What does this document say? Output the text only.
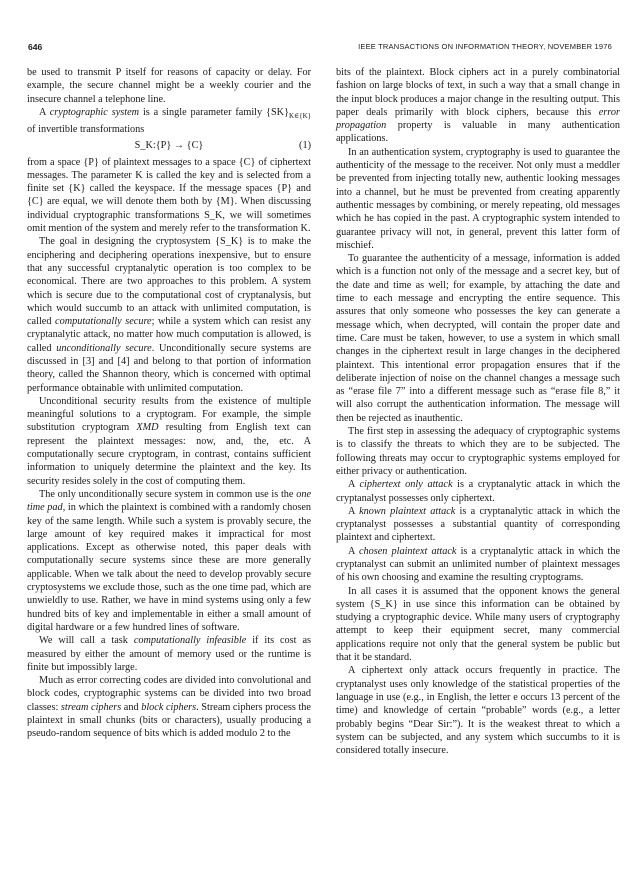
646	IEEE TRANSACTIONS ON INFORMATION THEORY, NOVEMBER 1976

be used to transmit P itself for reasons of capacity or delay. For example, the secure channel might be a weekly courier and the insecure channel a telephone line.

A cryptographic system is a single parameter family $\{SK\}_{K\in\{K\}}$ of invertible transformations

S_K:{P} → {C}	(1)

from a space {P} of plaintext messages to a space {C} of ciphertext messages. The parameter K is called the key and is selected from a finite set {K} called the keyspace. If the message spaces {P} and {C} are equal, we will denote them both by {M}. When discussing individual cryptographic transformations S_K, we will sometimes omit mention of the system and merely refer to the transformation K.

The goal in designing the cryptosystem {S_K} is to make the enciphering and deciphering operations inexpensive, but to ensure that any successful cryptanalytic operation is too complex to be economical. There are two approaches to this problem. A system which is secure due to the computational cost of cryptanalysis, but which would succumb to an attack with unlimited computation, is called computationally secure; while a system which can resist any cryptanalytic attack, no matter how much computation is allowed, is called unconditionally secure. Unconditionally secure systems are discussed in [3] and [4] and belong to that portion of information theory, called the Shannon theory, which is concerned with optimal performance obtainable with unlimited computation.

Unconditional security results from the existence of multiple meaningful solutions to a cryptogram. For example, the simple substitution cryptogram XMD resulting from English text can represent the plaintext messages: now, and, the, etc. A computationally secure cryptogram, in contrast, contains sufficient information to uniquely determine the plaintext and the key. Its security resides solely in the cost of computing them.

The only unconditionally secure system in common use is the one time pad, in which the plaintext is combined with a randomly chosen key of the same length. While such a system is provably secure, the large amount of key required makes it impractical for most applications. Except as otherwise noted, this paper deals with computationally secure systems since these are more generally applicable. When we talk about the need to develop provably secure cryptosystems we exclude those, such as the one time pad, which are unwieldly to use. Rather, we have in mind systems using only a few hundred bits of key and implementable in either a small amount of digital hardware or a few hundred lines of software.

We will call a task computationally infeasible if its cost as measured by either the amount of memory used or the runtime is finite but impossibly large.

Much as error correcting codes are divided into convolutional and block codes, cryptographic systems can be divided into two broad classes: stream ciphers and block ciphers. Stream ciphers process the plaintext in small chunks (bits or characters), usually producing a pseudo-random sequence of bits which is added modulo 2 to the

bits of the plaintext. Block ciphers act in a purely combinatorial fashion on large blocks of text, in such a way that a small change in the input block produces a major change in the resulting output. This paper deals primarily with block ciphers, because this error propagation property is valuable in many authentication applications.

In an authentication system, cryptography is used to guarantee the authenticity of the message to the receiver. Not only must a meddler be prevented from injecting totally new, authentic looking messages into a channel, but he must be prevented from creating apparently authentic messages by combining, or merely repeating, old messages which he has copied in the past. A cryptographic system intended to guarantee privacy will not, in general, prevent this latter form of mischief.

To guarantee the authenticity of a message, information is added which is a function not only of the message and a secret key, but of the date and time as well; for example, by attaching the date and time to each message and encrypting the entire sequence. This assures that only someone who possesses the key can generate a message which, when decrypted, will contain the proper date and time. Care must be taken, however, to use a system in which small changes in the ciphertext result in large changes in the deciphered plaintext. This intentional error propagation ensures that if the deliberate injection of noise on the channel changes a message such as “erase file 7” into a different message such as “erase file 8,” it will also corrupt the authentication information. The message will then be rejected as inauthentic.

The first step in assessing the adequacy of cryptographic systems is to classify the threats to which they are to be subjected. The following threats may occur to cryptographic systems employed for either privacy or authentication.

A ciphertext only attack is a cryptanalytic attack in which the cryptanalyst possesses only ciphertext.

A known plaintext attack is a cryptanalytic attack in which the cryptanalyst possesses a substantial quantity of corresponding plaintext and ciphertext.

A chosen plaintext attack is a cryptanalytic attack in which the cryptanalyst can submit an unlimited number of plaintext messages of his own choosing and examine the resulting cryptograms.

In all cases it is assumed that the opponent knows the general system {S_K} in use since this information can be obtained by studying a cryptographic device. While many users of cryptography attempt to keep their equipment secret, many commercial applications require not only that the general system be public but that it be standard.

A ciphertext only attack occurs frequently in practice. The cryptanalyst uses only knowledge of the statistical properties of the language in use (e.g., in English, the letter e occurs 13 percent of the time) and knowledge of certain “probable” words (e.g., a letter probably begins “Dear Sir:”). It is the weakest threat to which a system can be subjected, and any system which succumbs to it is considered totally insecure.
